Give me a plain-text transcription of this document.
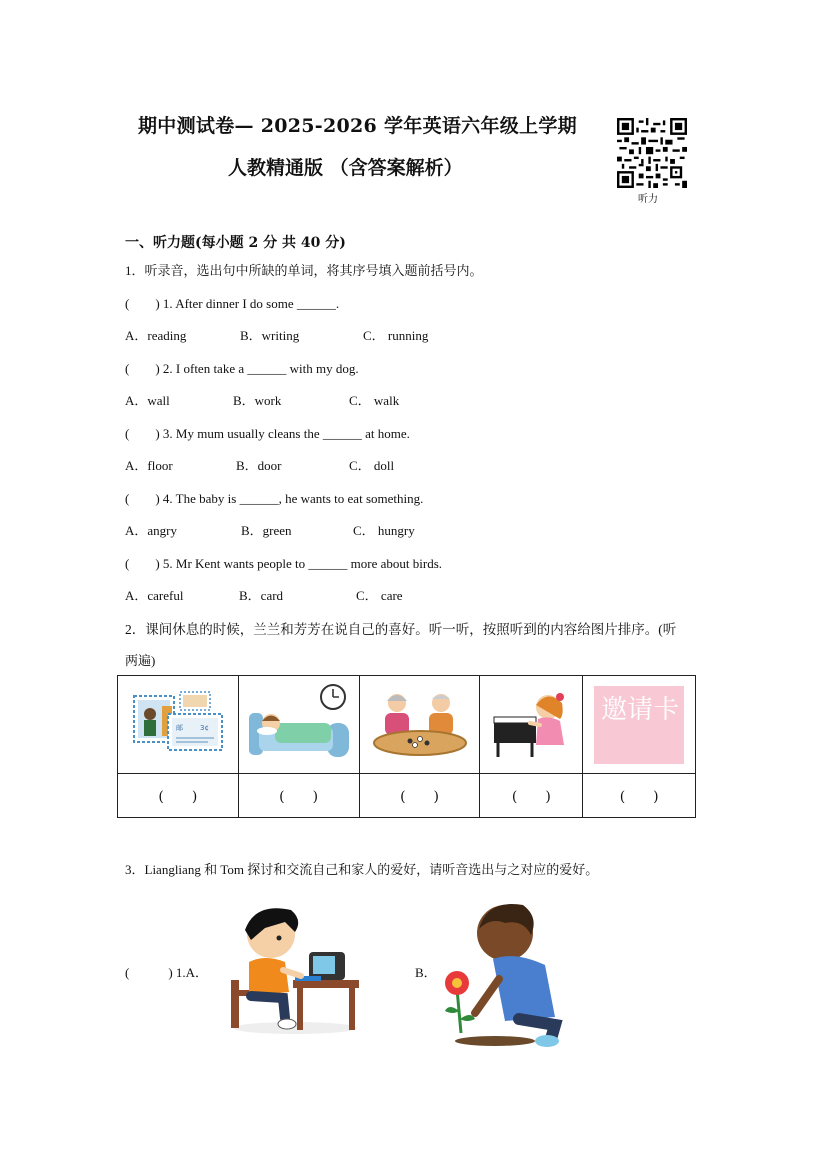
期中测试卷— 2025-2026 学年英语六年级上学期
人教精通版 （含答案解析）
听力
一、听力题(每小题 2 分 共 40 分)
1．听录音，选出句中所缺的单词，将其序号填入题前括号内。
(　　) 1. After dinner I do some ______.
A．reading	B．writing	C． running
(　　) 2. I often take a ______ with my dog.
A．wall	B．work	C． walk
(　　) 3. My mum usually cleans the ______ at home.
A．floor	B．door	C． doll
(　　) 4. The baby is ______, he wants to eat something.
A．angry	B．green	C． hungry
(　　) 5. Mr Kent wants people to ______ more about birds.
A．careful	B．card	C． care
2．课间休息的时候，兰兰和芳芳在说自己的喜好。听一听，按照听到的内容给图片排序。(听
两遍)
邮 3¢				邀请卡

(　　)	(　　)	(　　)	(　　)	(　　)
3．Liangliang 和 Tom 探讨和交流自己和家人的爱好，请听音选出与之对应的爱好。
(　　　) 1.A．	B．
